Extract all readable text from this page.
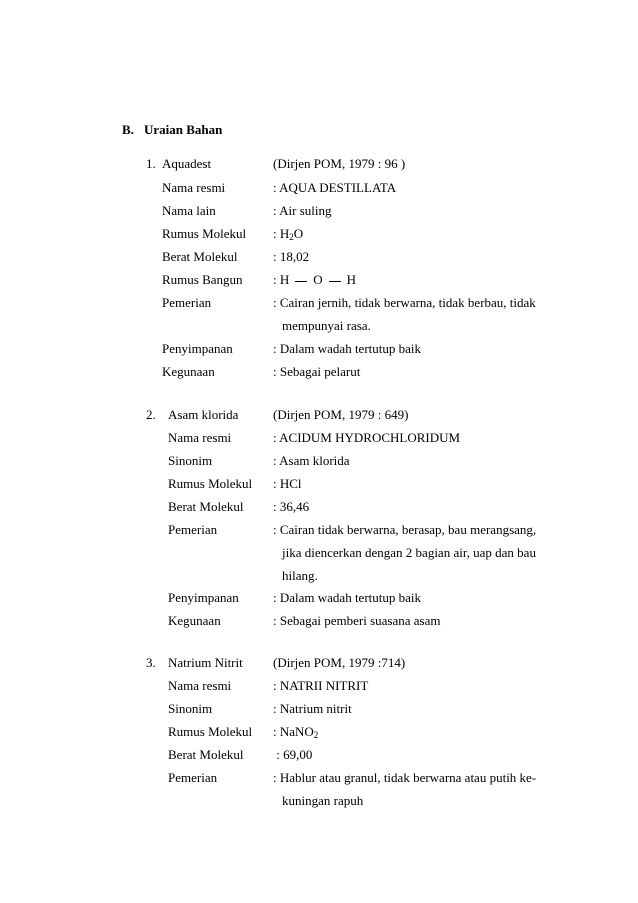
B. Uraian Bahan
1. Aquadest	(Dirjen POM, 1979 : 96 )
Nama resmi	: AQUA DESTILLATA
Nama lain	: Air suling
Rumus Molekul : $H_2O$
Berat Molekul	: 18,02
Rumus Bangun : H O H
Pemerian	: Cairan jernih, tidak berwarna, tidak berbau, tidak
mempunyai rasa.
Penyimpanan	: Dalam wadah tertutup baik
Kegunaan	: Sebagai pelarut
2. Asam klorida	(Dirjen POM, 1979 : 649)
Nama resmi	: ACIDUM HYDROCHLORIDUM
Sinonim	: Asam klorida
Rumus Molekul : HCl
Berat Molekul : 36,46
Pemerian	: Cairan tidak berwarna, berasap, bau merangsang,
jika diencerkan dengan 2 bagian air, uap dan bau
hilang.
Penyimpanan	: Dalam wadah tertutup baik
Kegunaan	: Sebagai pemberi suasana asam
3. Natrium Nitrit (Dirjen POM, 1979 :714)
Nama resmi	: NATRII NITRIT
Sinonim	: Natrium nitrit
Rumus Molekul : NaNO$_2$
Berat Molekul : 69,00
Pemerian	: Hablur atau granul, tidak berwarna atau putih ke-
kuningan rapuh
